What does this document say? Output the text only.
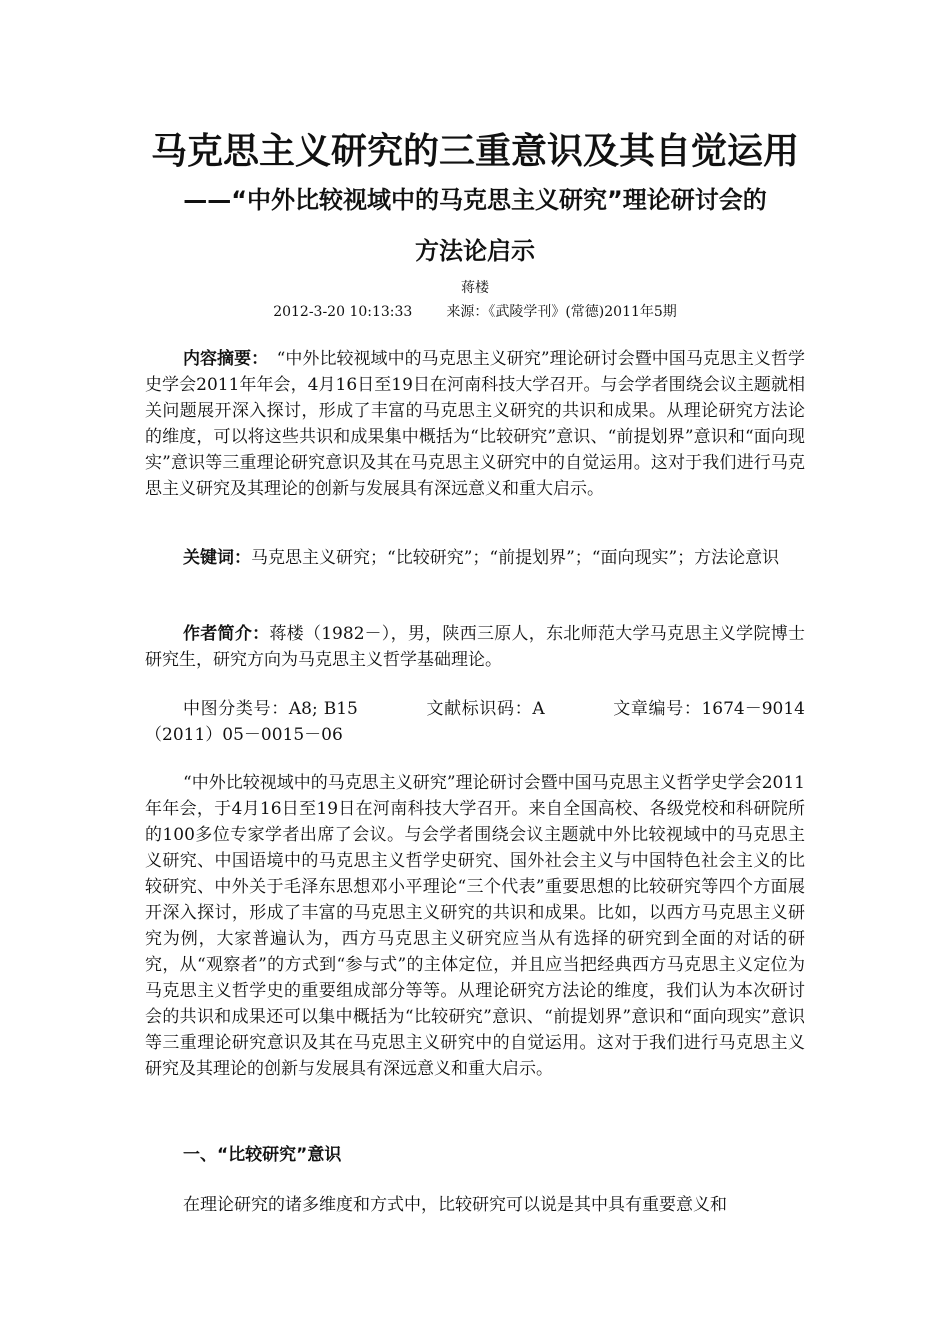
马克思主义研究的三重意识及其自觉运用
——“中外比较视域中的马克思主义研究”理论研讨会的
方法论启示
蒋楼
2012-3-20 10:13:33 来源：《武陵学刊》(常德)2011年5期

内容摘要：　“中外比较视域中的马克思主义研究”理论研讨会暨中国马克思主义哲学史学会2011年年会，4月16日至19日在河南科技大学召开。与会学者围绕会议主题就相关问题展开深入探讨，形成了丰富的马克思主义研究的共识和成果。从理论研究方法论的维度，可以将这些共识和成果集中概括为“比较研究”意识、“前提划界”意识和“面向现实”意识等三重理论研究意识及其在马克思主义研究中的自觉运用。这对于我们进行马克思主义研究及其理论的创新与发展具有深远意义和重大启示。

关键词：马克思主义研究；“比较研究”；“前提划界”；“面向现实”；方法论意识

作者简介：蒋楼（1982－），男，陕西三原人，东北师范大学马克思主义学院博士研究生，研究方向为马克思主义哲学基础理论。

中图分类号：A8; B15	文献标识码：A	文章编号：1674－9014（2011）05－0015－06

“中外比较视域中的马克思主义研究”理论研讨会暨中国马克思主义哲学史学会2011年年会，于4月16日至19日在河南科技大学召开。来自全国高校、各级党校和科研院所的100多位专家学者出席了会议。与会学者围绕会议主题就中外比较视域中的马克思主义研究、中国语境中的马克思主义哲学史研究、国外社会主义与中国特色社会主义的比较研究、中外关于毛泽东思想邓小平理论“三个代表”重要思想的比较研究等四个方面展开深入探讨，形成了丰富的马克思主义研究的共识和成果。比如，以西方马克思主义研究为例，大家普遍认为，西方马克思主义研究应当从有选择的研究到全面的对话的研究，从“观察者”的方式到“参与式”的主体定位，并且应当把经典西方马克思主义定位为马克思主义哲学史的重要组成部分等等。从理论研究方法论的维度，我们认为本次研讨会的共识和成果还可以集中概括为“比较研究”意识、“前提划界”意识和“面向现实”意识等三重理论研究意识及其在马克思主义研究中的自觉运用。这对于我们进行马克思主义研究及其理论的创新与发展具有深远意义和重大启示。

一、“比较研究”意识

在理论研究的诸多维度和方式中，比较研究可以说是其中具有重要意义和
